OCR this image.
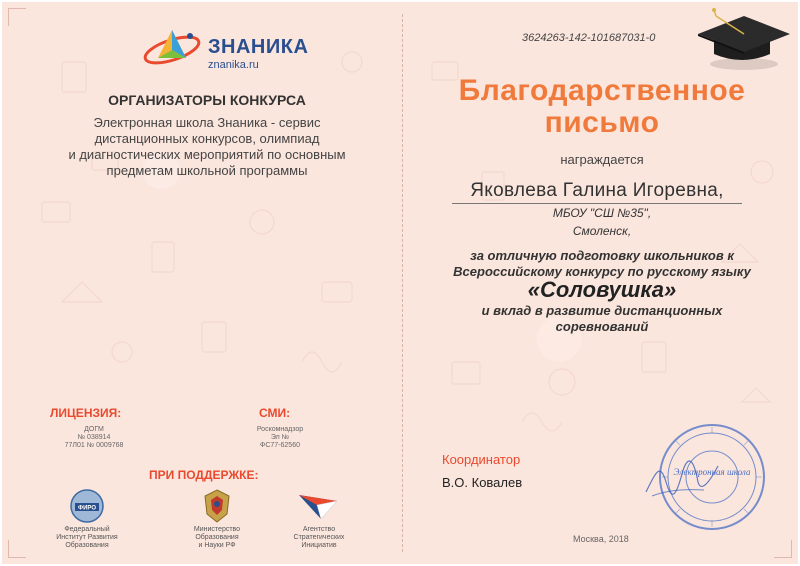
ЗНАНИКА
znanika.ru
ОРГАНИЗАТОРЫ КОНКУРСА
Электронная школа Знаника - сервис
дистанционных конкурсов, олимпиад
и диагностических мероприятий по основным
предметам школьной программы
ЛИЦЕНЗИЯ:
ДОГМ
№ 038914
77Л01 № 0009768
СМИ:
Роскомнадзор
Эл №
ФС77-62560
ПРИ ПОДДЕРЖКЕ:
ФИРО
Федеральный
Институт Развития
Образования
Министерство
Образования
и Науки РФ
Агентство
Стратегических
Инициатив
3624263-142-101687031-0
Благодарственное
письмо
награждается
Яковлева Галина Игоревна,
МБОУ "СШ №35",
Смоленск,
за отличную подготовку школьников к
Всероссийскому конкурсу по русскому языку
«Соловушка»
и вклад в развитие дистанционных
соревнований
Координатор
В.О. Ковалев
Электронная школа
Москва, 2018
